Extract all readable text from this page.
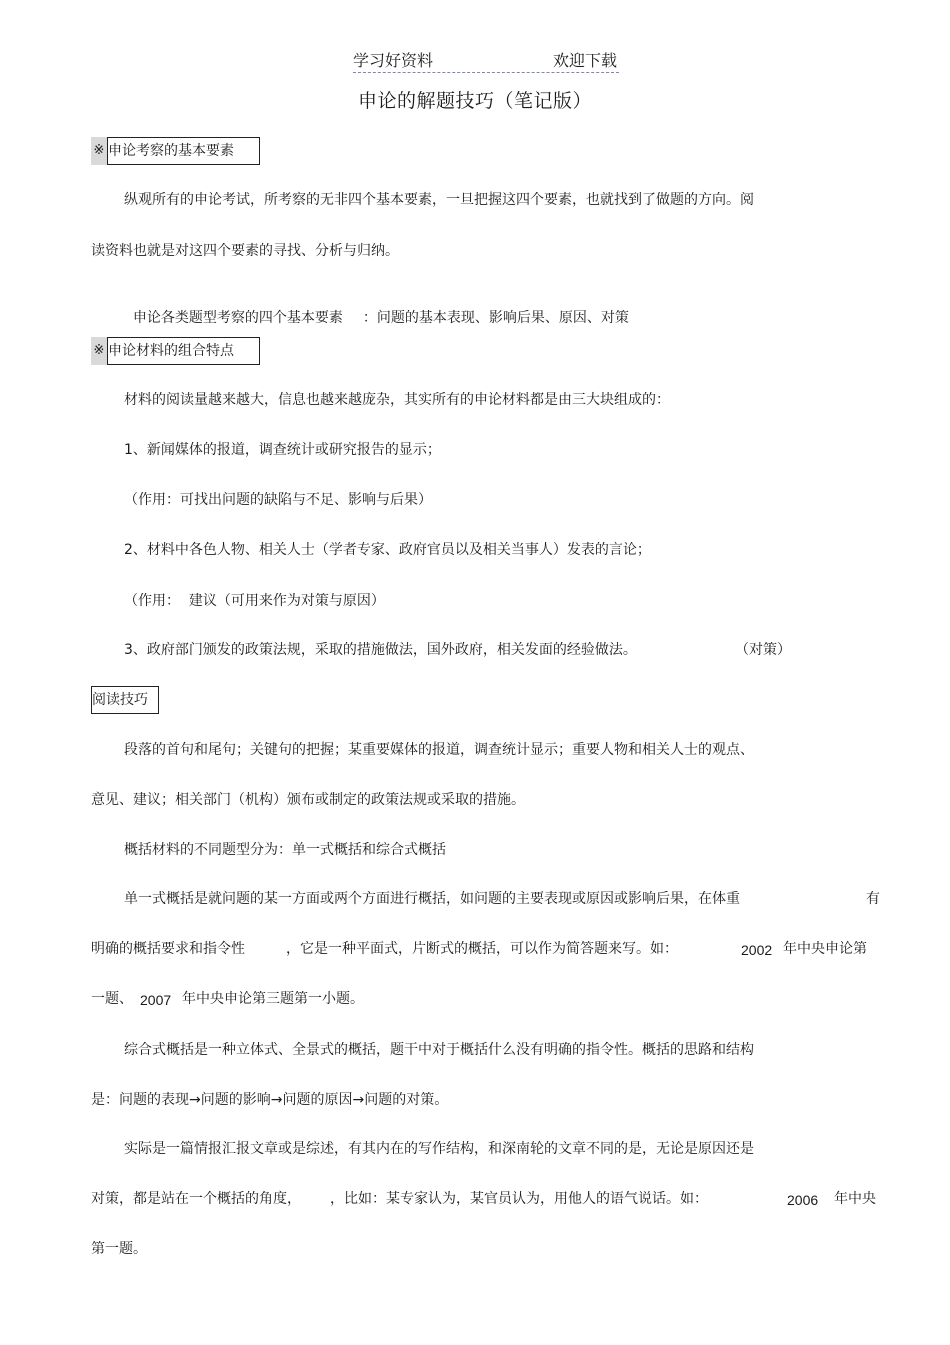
学习好资料	欢迎下载
申论的解题技巧（笔记版）
※ 申论考察的基本要素
纵观所有的申论考试，所考察的无非四个基本要素，一旦把握这四个要素，也就找到了做题的方向。阅
读资料也就是对这四个要素的寻找、分析与归纳。

申论各类题型考察的四个基本要素 ：问题的基本表现、影响后果、原因、对策

※ 申论材料的组合特点
材料的阅读量越来越大，信息也越来越庞杂，其实所有的申论材料都是由三大块组成的：
1、新闻媒体的报道，调查统计或研究报告的显示；
（作用：可找出问题的缺陷与不足、影响与后果）
2、材料中各色人物、相关人士（学者专家、政府官员以及相关当事人）发表的言论；
（作用：  建议（可用来作为对策与原因）
3、政府部门颁发的政策法规，采取的措施做法，国外政府，相关发面的经验做法。	（对策）
阅读技巧
段落的首句和尾句；关键句的把握；某重要媒体的报道，调查统计显示；重要人物和相关人士的观点、
意见、建议；相关部门（机构）颁布或制定的政策法规或采取的措施。
概括材料的不同题型分为：单一式概括和综合式概括
单一式概括是就问题的某一方面或两个方面进行概括，如问题的主要表现或原因或影响后果，在体重	有
明确的概括要求和指令性	，它是一种平面式，片断式的概括，可以作为简答题来写。如：	2002 年中央申论第
一题、 2007 年中央申论第三题第一小题。
综合式概括是一种立体式、全景式的概括，题干中对于概括什么没有明确的指令性。概括的思路和结构
是：问题的表现→问题的影响→问题的原因→问题的对策。
实际是一篇情报汇报文章或是综述，有其内在的写作结构，和深南轮的文章不同的是，无论是原因还是
对策，都是站在一个概括的角度， ，比如：某专家认为，某官员认为，用他人的语气说话。如：	2006 年中央
第一题。
